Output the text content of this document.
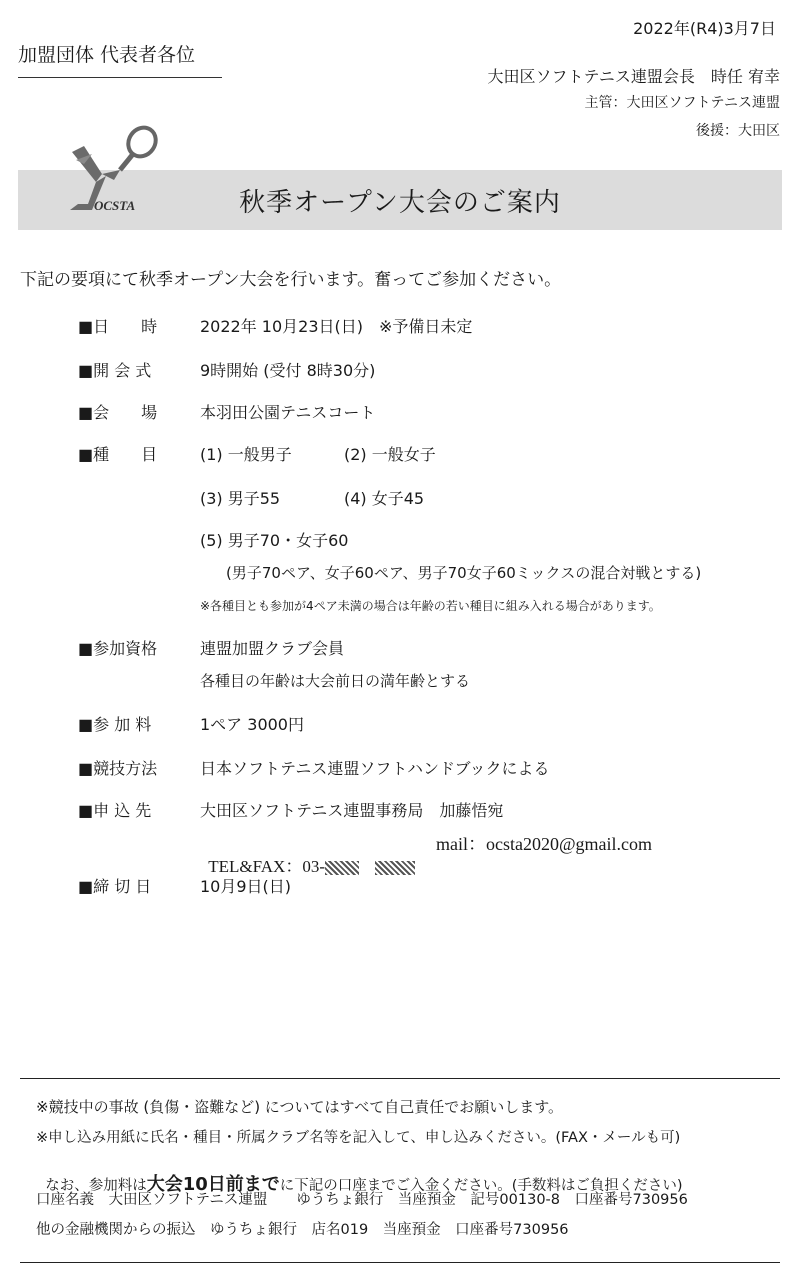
2022年(R4)3月7日
加盟団体 代表者各位
大田区ソフトテニス連盟会長　時任 宥幸
主管：大田区ソフトテニス連盟
後援：大田区
OCSTA	秋季オープン大会のご案内
下記の要項にて秋季オープン大会を行います。奮ってご参加ください。
■日　　時	2022年 10月23日(日)　※予備日未定
■開 会 式	9時開始 (受付 8時30分)
■会　　場	本羽田公園テニスコート
■種　　目	(1) 一般男子	(2) 一般女子
(3) 男子55	(4) 女子45
(5) 男子70・女子60
(男子70ペア、女子60ペア、男子70女子60ミックスの混合対戦とする)
※各種目とも参加が4ペア未満の場合は年齢の若い種目に組み入れる場合があります。
■参加資格	連盟加盟クラブ会員
各種目の年齢は大会前日の満年齢とする
■参 加 料	1ペア 3000円
■競技方法	日本ソフトテニス連盟ソフトハンドブックによる
■申 込 先	大田区ソフトテニス連盟事務局　加藤悟宛

TEL&FAX：03-

mail：ocsta2020@gmail.com
■締 切 日	10月9日(日)
※競技中の事故 (負傷・盗難など) についてはすべて自己責任でお願いします。
※申し込み用紙に氏名・種目・所属クラブ名等を記入して、申し込みください。(FAX・メールも可)

なお、参加料は大会10日前までに下記の口座までご入金ください。(手数料はご負担ください)

口座名義　大田区ソフトテニス連盟　　ゆうちょ銀行　当座預金　記号00130-8　口座番号730956
他の金融機関からの振込　ゆうちょ銀行　店名019　当座預金　口座番号730956
